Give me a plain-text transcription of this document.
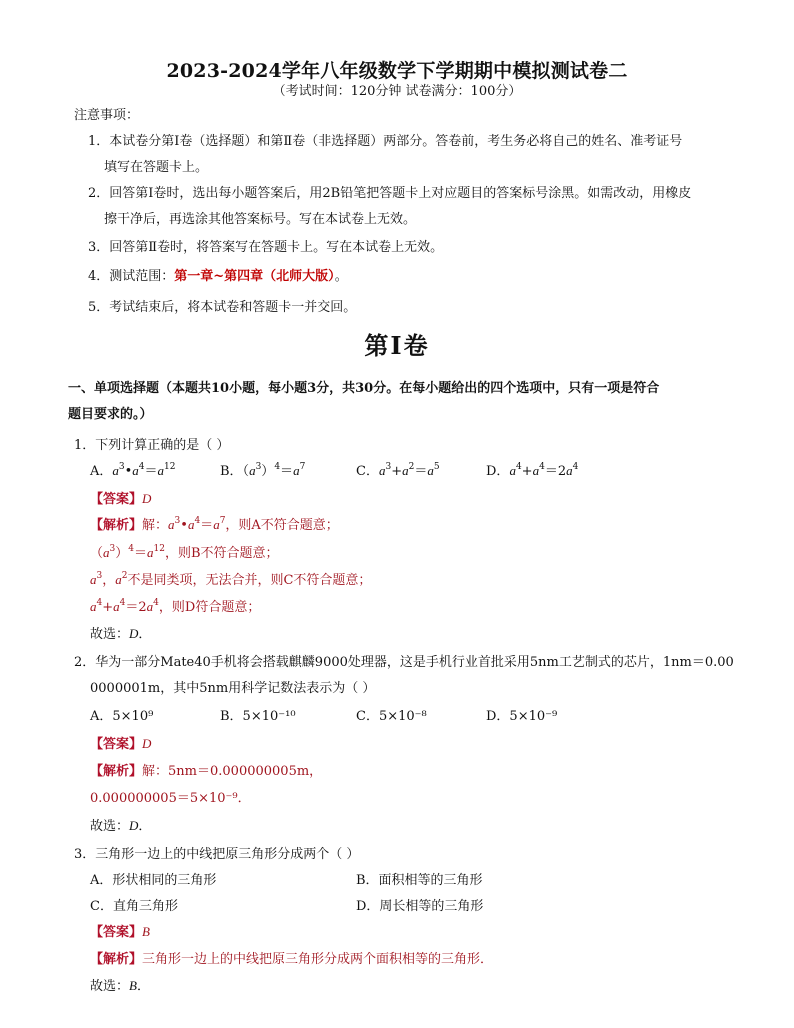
2023-2024学年八年级数学下学期期中模拟测试卷二
（考试时间：120分钟 试卷满分：100分）
注意事项：
1．本试卷分第Ⅰ卷（选择题）和第Ⅱ卷（非选择题）两部分。答卷前，考生务必将自己的姓名、准考证号
填写在答题卡上。
2．回答第Ⅰ卷时，选出每小题答案后，用2B铅笔把答题卡上对应题目的答案标号涂黑。如需改动，用橡皮
擦干净后，再选涂其他答案标号。写在本试卷上无效。
3．回答第Ⅱ卷时，将答案写在答题卡上。写在本试卷上无效。
4．测试范围：第一章~第四章（北师大版）。
5．考试结束后，将本试卷和答题卡一并交回。
第Ⅰ卷
一、单项选择题（本题共10小题，每小题3分，共30分。在每小题给出的四个选项中，只有一项是符合
题目要求的。）
1．下列计算正确的是（ ）
A．$a^3•a^4=a^{12}$	B．$(a^3)^4=a^7$	C．$a^3+a^2=a^5$	D．$a^4+a^4=2a^4$
【答案】D
【解析】解：$a^3•a^4=a^7$，则A不符合题意；
$(a^3)^4=a^{12}$，则B不符合题意；
$a^3$，$a^2$不是同类项，无法合并，则C不符合题意；
$a^4+a^4=2a^4$，则D符合题意；
故选：D．
2．华为一部分Mate40手机将会搭载麒麟9000处理器，这是手机行业首批采用5nm工艺制式的芯片，1nm＝0.00
0000001m，其中5nm用科学记数法表示为（ ）
A．5×10⁹	B．5×10⁻¹⁰	C．5×10⁻⁸	D．5×10⁻⁹
【答案】D
【解析】解：5nm＝0.000000005m，
0.000000005＝5×10⁻⁹．
故选：D．
3．三角形一边上的中线把原三角形分成两个（ ）
A．形状相同的三角形	B．面积相等的三角形
C．直角三角形	D．周长相等的三角形
【答案】B
【解析】三角形一边上的中线把原三角形分成两个面积相等的三角形．
故选：B．
